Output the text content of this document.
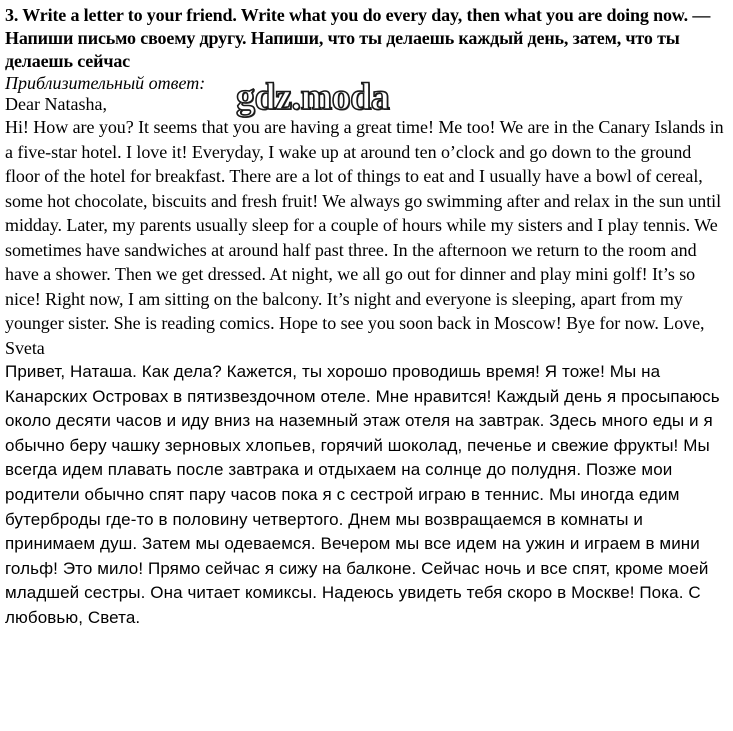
3. Write a letter to your friend. Write what you do every day, then what you are doing now. — Напиши письмо своему другу. Напиши, что ты делаешь каждый день, затем, что ты делаешь сейчас

Приблизительный ответ:

Dear Natasha,

Hi! How are you? It seems that you are having a great time! Me too! We are in the Canary Islands in a five-star hotel. I love it! Everyday, I wake up at around ten o’clock and go down to the ground floor of the hotel for breakfast. There are a lot of things to eat and I usually have a bowl of cereal, some hot chocolate, biscuits and fresh fruit! We always go swimming after and relax in the sun until midday. Later, my parents usually sleep for a couple of hours while my sisters and I play tennis. We sometimes have sandwiches at around half past three. In the afternoon we return to the room and have a shower. Then we get dressed. At night, we all go out for dinner and play mini golf! It’s so nice! Right now, I am sitting on the balcony. It’s night and everyone is sleeping, apart from my younger sister. She is reading comics. Hope to see you soon back in Moscow! Bye for now. Love, Sveta

Привет, Наташа. Как дела? Кажется, ты хорошо проводишь время! Я тоже! Мы на Канарских Островах в пятизвездочном отеле. Мне нравится! Каждый день я просыпаюсь около десяти часов и иду вниз на наземный этаж отеля на завтрак. Здесь много еды и я обычно беру чашку зерновых хлопьев, горячий шоколад, печенье и свежие фрукты! Мы всегда идем плавать после завтрака и отдыхаем на солнце до полудня. Позже мои родители обычно спят пару часов пока я с сестрой играю в теннис. Мы иногда едим бутерброды где-то в половину четвертого. Днем мы возвращаемся в комнаты и принимаем душ. Затем мы одеваемся. Вечером мы все идем на ужин и играем в мини гольф! Это мило! Прямо сейчас я сижу на балконе. Сейчас ночь и все спят, кроме моей младшей сестры. Она читает комиксы. Надеюсь увидеть тебя скоро в Москве! Пока. С любовью, Света.

gdz.moda
